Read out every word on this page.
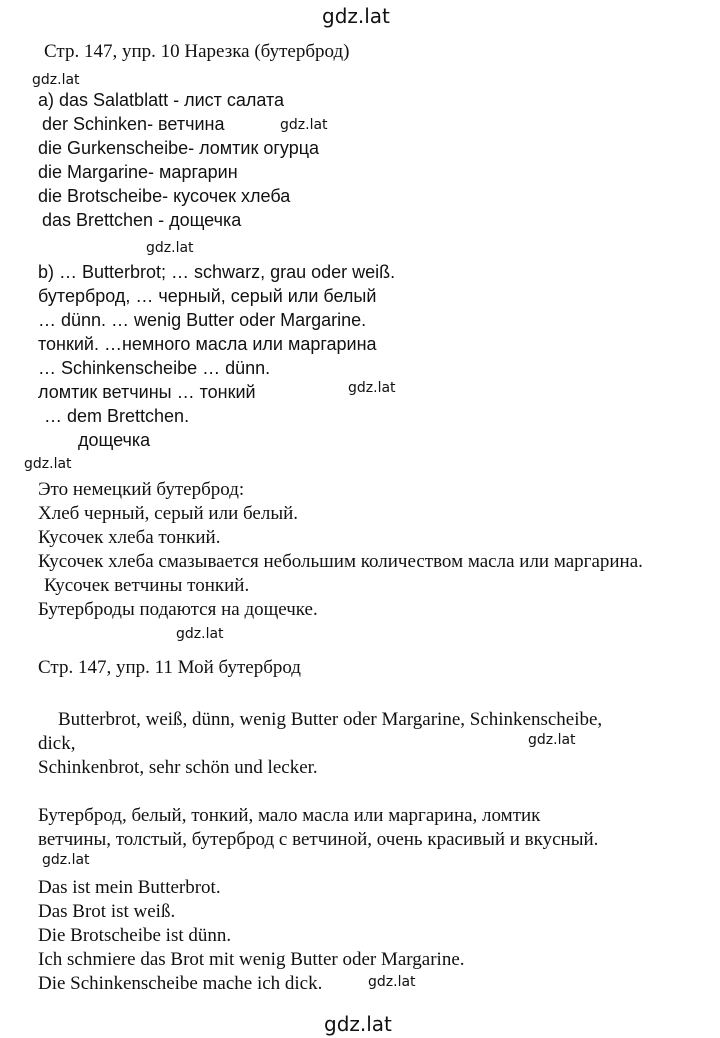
gdz.lat
gdz.lat
gdz.lat
gdz.lat
gdz.lat
gdz.lat
gdz.lat
gdz.lat
gdz.lat
gdz.lat
gdz.lat
Стр. 147, упр. 10 Нарезка (бутерброд)
a) das Salatblatt - лист салата
der Schinken- ветчина
die Gurkenscheibe- ломтик огурца
die Margarine- маргарин
die Brotscheibe- кусочек хлеба
das Brettchen - дощечка
b) … Butterbrot; … schwarz, grau oder weiß.
бутерброд, … черный, серый или белый
… dünn. … wenig Butter oder Margarine.
тонкий. …немного масла или маргарина
… Schinkenscheibe … dünn.
ломтик ветчины … тонкий
… dem Brettchen.
дощечка
Это немецкий бутерброд:
Хлеб черный, серый или белый.
Кусочек хлеба тонкий.
Кусочек хлеба смазывается небольшим количеством масла или маргарина.
Кусочек ветчины тонкий.
Бутерброды подаются на дощечке.
Стр. 147, упр. 11 Мой бутерброд
Butterbrot, weiß, dünn, wenig Butter oder Margarine, Schinkenscheibe,
dick,
Schinkenbrot, sehr schön und lecker.
Бутерброд, белый, тонкий, мало масла или маргарина, ломтик
ветчины, толстый, бутерброд с ветчиной, очень красивый и вкусный.
Das ist mein Butterbrot.
Das Brot ist weiß.
Die Brotscheibe ist dünn.
Ich schmiere das Brot mit wenig Butter oder Margarine.
Die Schinkenscheibe mache ich dick.
